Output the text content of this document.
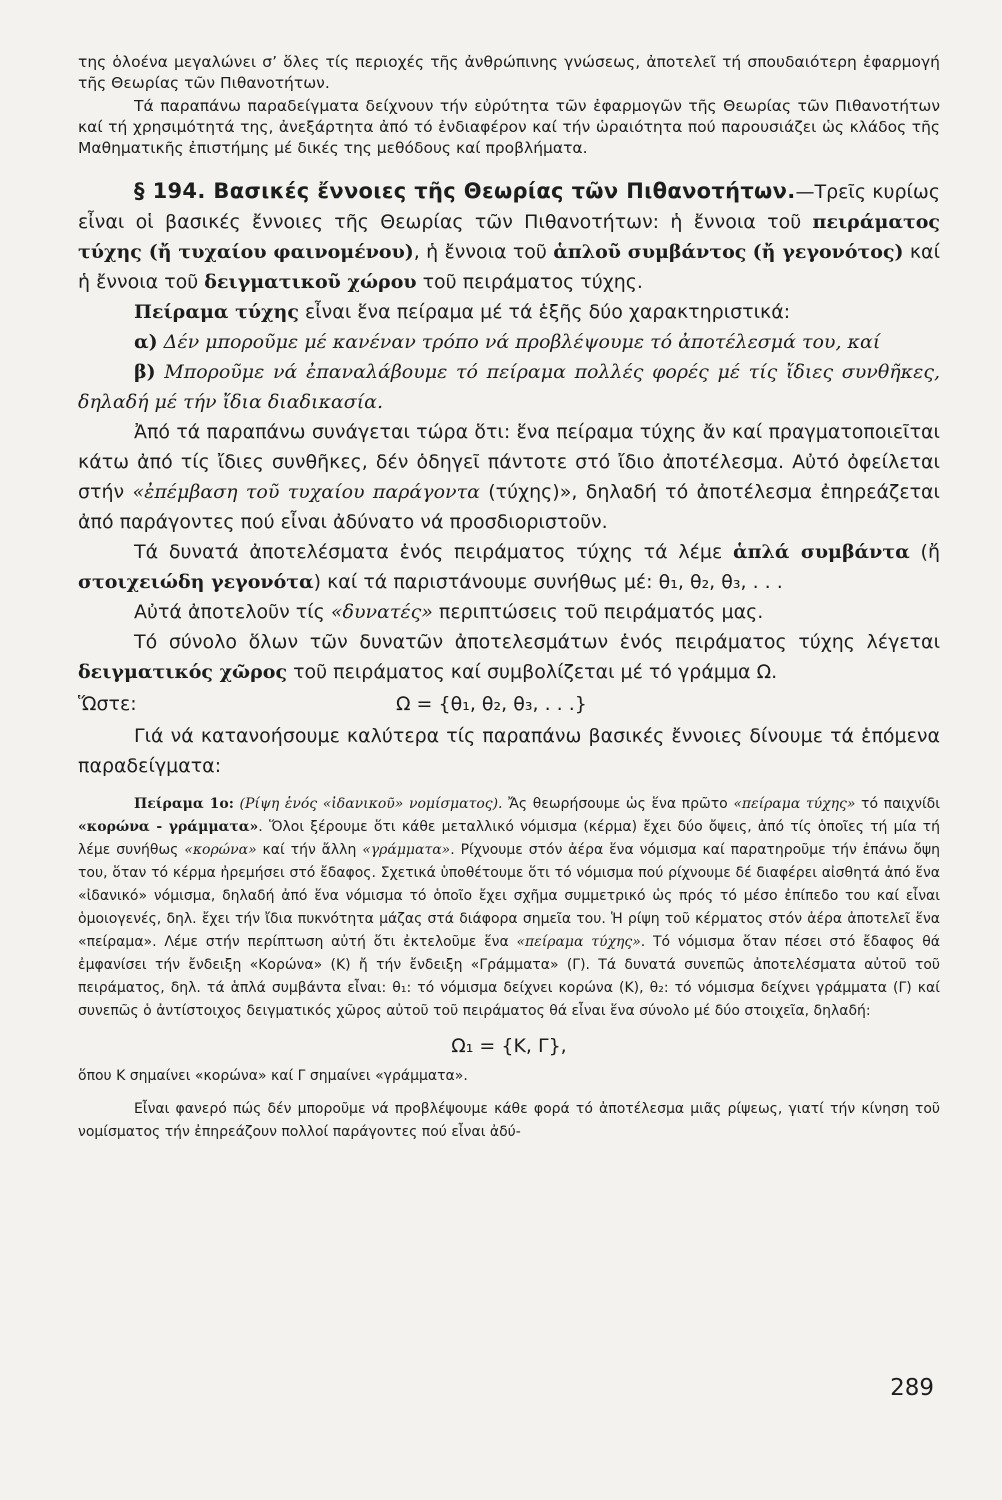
της ὁλοένα μεγαλώνει σ’ ὅλες τίς περιοχές τῆς ἀνθρώπινης γνώσεως, ἀποτελεῖ τή σπουδαιότερη ἐφαρμογή τῆς Θεωρίας τῶν Πιθανοτήτων.

Τά παραπάνω παραδείγματα δείχνουν τήν εὐρύτητα τῶν ἐφαρμογῶν τῆς Θεωρίας τῶν Πιθανοτήτων καί τή χρησιμότητά της, ἀνεξάρτητα ἀπό τό ἐνδιαφέρον καί τήν ὡραιότητα πού παρουσιάζει ὡς κλάδος τῆς Μαθηματικῆς ἐπιστήμης μέ δικές της μεθόδους καί προβλήματα.

§ 194. Βασικές ἔννοιες τῆς Θεωρίας τῶν Πιθανοτήτων.—Τρεῖς κυρίως εἶναι οἱ βασικές ἔννοιες τῆς Θεωρίας τῶν Πιθανοτήτων: ἡ ἔννοια τοῦ πειράματος τύχης (ἤ τυχαίου φαινομένου), ἡ ἔννοια τοῦ ἁπλοῦ συμβάντος (ἤ γεγονότος) καί ἡ ἔννοια τοῦ δειγματικοῦ χώρου τοῦ πειράματος τύχης.

Πείραμα τύχης εἶναι ἕνα πείραμα μέ τά ἑξῆς δύο χαρακτηριστικά:

α) Δέν μποροῦμε μέ κανέναν τρόπο νά προβλέψουμε τό ἀποτέλεσμά του, καί

β) Μποροῦμε νά ἐπαναλάβουμε τό πείραμα πολλές φορές μέ τίς ἴδιες συνθῆκες, δηλαδή μέ τήν ἴδια διαδικασία.

Ἀπό τά παραπάνω συνάγεται τώρα ὅτι: ἕνα πείραμα τύχης ἄν καί πραγματοποιεῖται κάτω ἀπό τίς ἴδιες συνθῆκες, δέν ὁδηγεῖ πάντοτε στό ἴδιο ἀποτέλεσμα. Αὐτό ὀφείλεται στήν «ἐπέμβαση τοῦ τυχαίου παράγοντα (τύχης)», δηλαδή τό ἀποτέλεσμα ἐπηρεάζεται ἀπό παράγοντες πού εἶναι ἀδύνατο νά προσδιοριστοῦν.

Τά δυνατά ἀποτελέσματα ἑνός πειράματος τύχης τά λέμε ἁπλά συμβάντα (ἤ στοιχειώδη γεγονότα) καί τά παριστάνουμε συνήθως μέ: θ₁, θ₂, θ₃, . . .

Αὐτά ἀποτελοῦν τίς «δυνατές» περιπτώσεις τοῦ πειράματός μας.

Τό σύνολο ὅλων τῶν δυνατῶν ἀποτελεσμάτων ἑνός πειράματος τύχης λέγεται δειγματικός χῶρος τοῦ πειράματος καί συμβολίζεται μέ τό γράμμα Ω.

Ὥστε:	Ω = {θ₁, θ₂, θ₃, . . .}

Γιά νά κατανοήσουμε καλύτερα τίς παραπάνω βασικές ἔννοιες δίνουμε τά ἑπόμενα παραδείγματα:

Πείραμα 1ο: (Ρίψη ἑνός «ἰδανικοῦ» νομίσματος). Ἄς θεωρήσουμε ὡς ἕνα πρῶτο «πείραμα τύχης» τό παιχνίδι «κορώνα - γράμματα». Ὅλοι ξέρουμε ὅτι κάθε μεταλλικό νόμισμα (κέρμα) ἔχει δύο ὄψεις, ἀπό τίς ὁποῖες τή μία τή λέμε συνήθως «κορώνα» καί τήν ἄλλη «γράμματα». Ρίχνουμε στόν ἀέρα ἕνα νόμισμα καί παρατηροῦμε τήν ἐπάνω ὄψη του, ὅταν τό κέρμα ἠρεμήσει στό ἔδαφος. Σχετικά ὑποθέτουμε ὅτι τό νόμισμα πού ρίχνουμε δέ διαφέρει αἰσθητά ἀπό ἕνα «ἰδανικό» νόμισμα, δηλαδή ἀπό ἕνα νόμισμα τό ὁποῖο ἔχει σχῆμα συμμετρικό ὡς πρός τό μέσο ἐπίπεδο του καί εἶναι ὁμοιογενές, δηλ. ἔχει τήν ἴδια πυκνότητα μάζας στά διάφορα σημεῖα του. Ἡ ρίψη τοῦ κέρματος στόν ἀέρα ἀποτελεῖ ἕνα «πείραμα». Λέμε στήν περίπτωση αὐτή ὅτι ἐκτελοῦμε ἕνα «πείραμα τύχης». Τό νόμισμα ὅταν πέσει στό ἔδαφος θά ἐμφανίσει τήν ἔνδειξη «Κορώνα» (Κ) ἤ τήν ἔνδειξη «Γράμματα» (Γ). Τά δυνατά συνεπῶς ἀποτελέσματα αὐτοῦ τοῦ πειράματος, δηλ. τά ἁπλά συμβάντα εἶναι: θ₁: τό νόμισμα δείχνει κορώνα (Κ), θ₂: τό νόμισμα δείχνει γράμματα (Γ) καί συνεπῶς ὁ ἀντίστοιχος δειγματικός χῶρος αὐτοῦ τοῦ πειράματος θά εἶναι ἕνα σύνολο μέ δύο στοιχεῖα, δηλαδή:

Ω₁ = {Κ, Γ},

ὅπου Κ σημαίνει «κορώνα» καί Γ σημαίνει «γράμματα».

Εἶναι φανερό πώς δέν μποροῦμε νά προβλέψουμε κάθε φορά τό ἀποτέλεσμα μιᾶς ρίψεως, γιατί τήν κίνηση τοῦ νομίσματος τήν ἐπηρεάζουν πολλοί παράγοντες πού εἶναι ἀδύ-

289
